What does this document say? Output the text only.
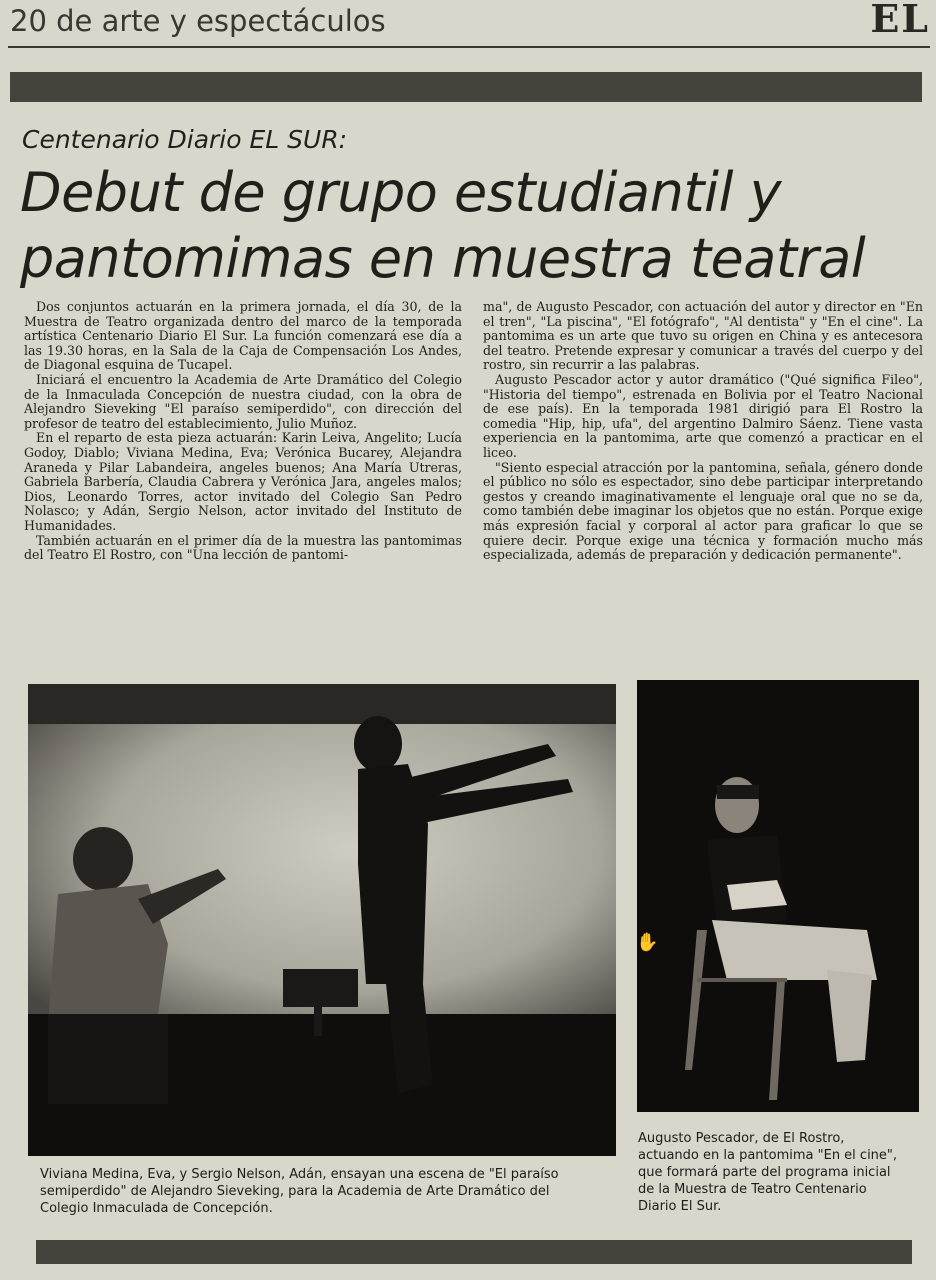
20 de arte y espectáculos	EL
Centenario Diario EL SUR:
Debut de grupo estudiantil y pantomimas en muestra teatral

Dos conjuntos actuarán en la primera jornada, el día 30, de la Muestra de Teatro organizada dentro del marco de la temporada artística Centenario Diario El Sur. La función comenzará ese día a las 19.30 horas, en la Sala de la Caja de Compensación Los Andes, de Diagonal esquina de Tucapel.

Iniciará el encuentro la Academia de Arte Dramático del Colegio de la Inmaculada Concepción de nuestra ciudad, con la obra de Alejandro Sieveking "El paraíso semiperdido", con dirección del profesor de teatro del establecimiento, Julio Muñoz.

En el reparto de esta pieza actuarán: Karin Leiva, Angelito; Lucía Godoy, Diablo; Viviana Medina, Eva; Verónica Bucarey, Alejandra Araneda y Pilar Labandeira, angeles buenos; Ana María Utreras, Gabriela Barbería, Claudia Cabrera y Verónica Jara, angeles malos; Dios, Leonardo Torres, actor invitado del Colegio San Pedro Nolasco; y Adán, Sergio Nelson, actor invitado del Instituto de Humanidades.

También actuarán en el primer día de la muestra las pantomimas del Teatro El Rostro, con "Una lección de pantomi-

ma", de Augusto Pescador, con actuación del autor y director en "En el tren", "La piscina", "El fotógrafo", "Al dentista" y "En el cine". La pantomima es un arte que tuvo su origen en China y es antecesora del teatro. Pretende expresar y comunicar a través del cuerpo y del rostro, sin recurrir a las palabras.

Augusto Pescador actor y autor dramático ("Qué significa Fileo", "Historia del tiempo", estrenada en Bolivia por el Teatro Nacional de ese país). En la temporada 1981 dirigió para El Rostro la comedia "Hip, hip, ufa", del argentino Dalmiro Sáenz. Tiene vasta experiencia en la pantomima, arte que comenzó a practicar en el liceo.

"Siento especial atracción por la pantomina, señala, género donde el público no sólo es espectador, sino debe participar interpretando gestos y creando imaginativamente el lenguaje oral que no se da, como también debe imaginar los objetos que no están. Porque exige más expresión facial y corporal al actor para graficar lo que se quiere decir. Porque exige una técnica y formación mucho más especializada, además de preparación y dedicación permanente".

✋
Viviana Medina, Eva, y Sergio Nelson, Adán, ensayan una escena de "El paraíso semiperdido" de Alejandro Sieveking, para la Academia de Arte Dramático del Colegio Inmaculada de Concepción.
Augusto Pescador, de El Rostro, actuando en la pantomima "En el cine", que formará parte del programa inicial de la Muestra de Teatro Centenario Diario El Sur.
